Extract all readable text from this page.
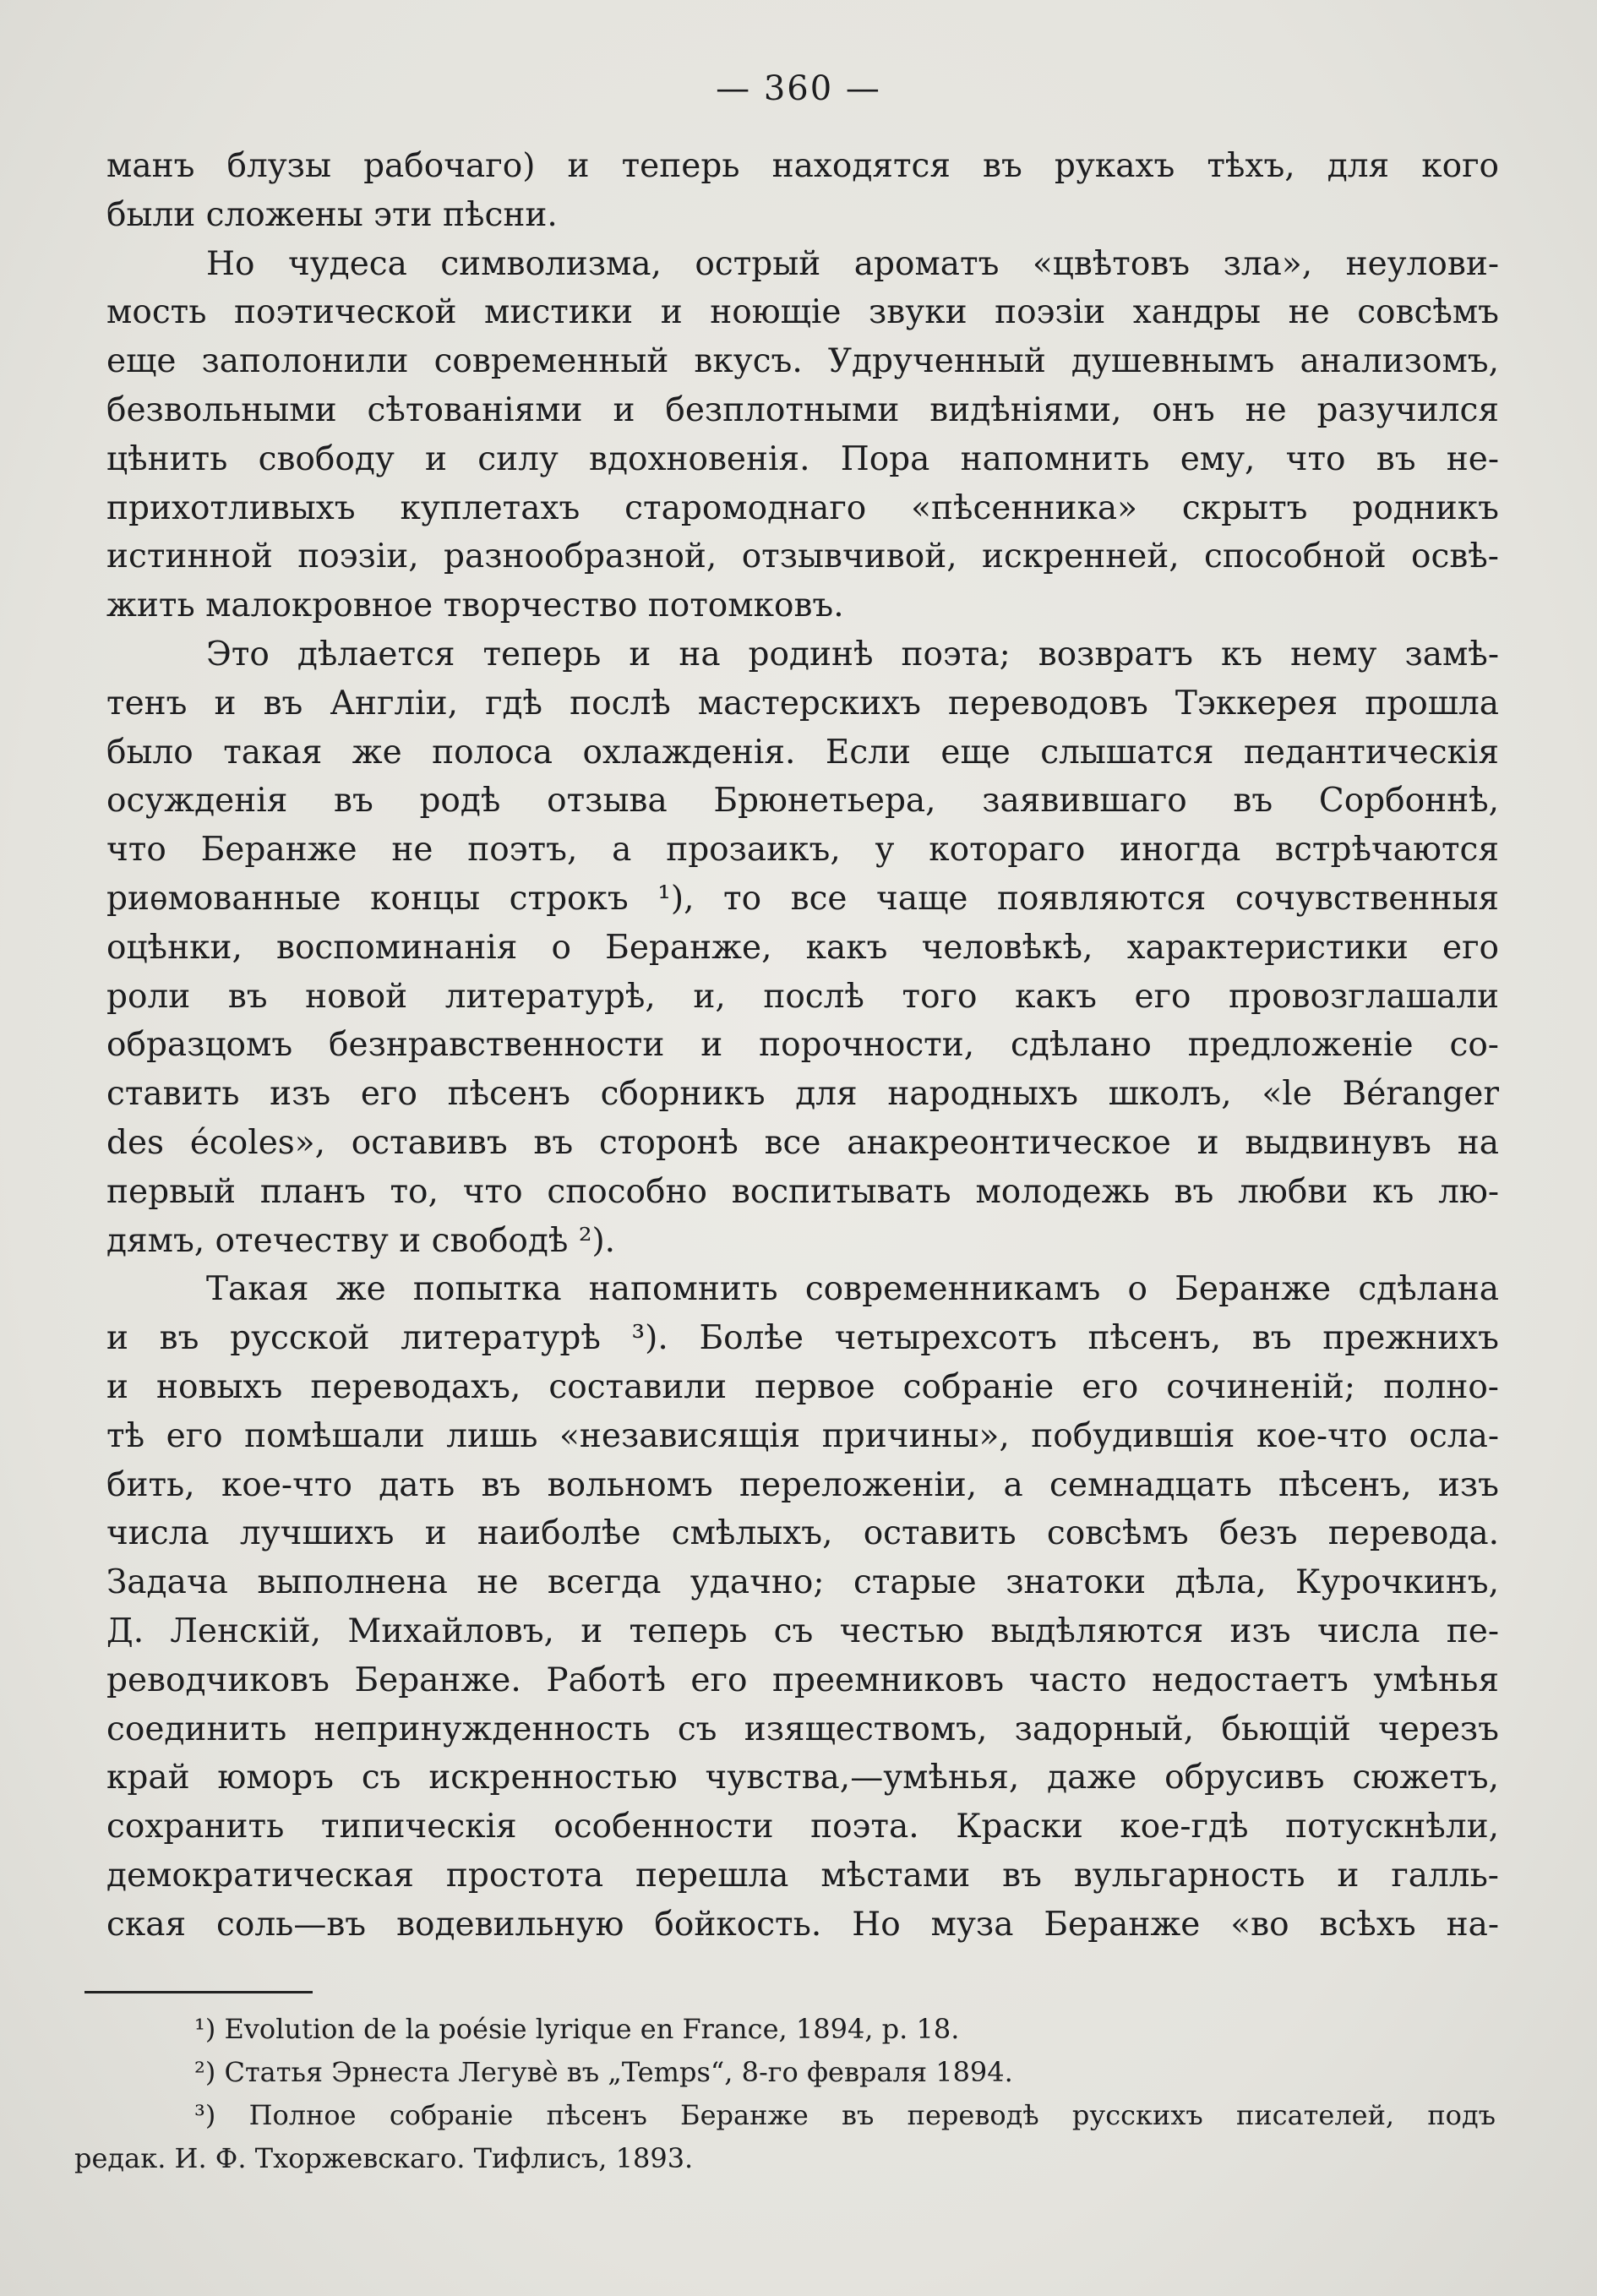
— 360 —
манъ блузы рабочаго) и теперь находятся въ рукахъ тѣхъ, для кого
были сложены эти пѣсни.
Но чудеса символизма, острый ароматъ «цвѣтовъ зла», неулови-
мость поэтической мистики и ноющіе звуки поэзіи хандры не совсѣмъ
еще заполонили современный вкусъ. Удрученный душевнымъ анализомъ,
безвольными сѣтованіями и безплотными видѣніями, онъ не разучился
цѣнить свободу и силу вдохновенія. Пора напомнить ему, что въ не-
прихотливыхъ куплетахъ старомоднаго «пѣсенника» скрытъ родникъ
истинной поэзіи, разнообразной, отзывчивой, искренней, способной освѣ-
жить малокровное творчество потомковъ.
Это дѣлается теперь и на родинѣ поэта; возвратъ къ нему замѣ-
тенъ и въ Англіи, гдѣ послѣ мастерскихъ переводовъ Тэккерея прошла
было такая же полоса охлажденія. Если еще слышатся педантическія
осужденія въ родѣ отзыва Брюнетьера, заявившаго въ Сорбоннѣ,
что Беранже не поэтъ, а прозаикъ, у котораго иногда встрѣчаются
риѳмованные концы строкъ ¹), то все чаще появляются сочувственныя
оцѣнки, воспоминанія о Беранже, какъ человѣкѣ, характеристики его
роли въ новой литературѣ, и, послѣ того какъ его провозглашали
образцомъ безнравственности и порочности, сдѣлано предложеніе со-
ставить изъ его пѣсенъ сборникъ для народныхъ школъ, «le Béranger
des écoles», оставивъ въ сторонѣ все анакреонтическое и выдвинувъ на
первый планъ то, что способно воспитывать молодежь въ любви къ лю-
дямъ, отечеству и свободѣ ²).
Такая же попытка напомнить современникамъ о Беранже сдѣлана
и въ русской литературѣ ³). Болѣе четырехсотъ пѣсенъ, въ прежнихъ
и новыхъ переводахъ, составили первое собраніе его сочиненій; полно-
тѣ его помѣшали лишь «независящія причины», побудившія кое-что осла-
бить, кое-что дать въ вольномъ переложеніи, а семнадцать пѣсенъ, изъ
числа лучшихъ и наиболѣе смѣлыхъ, оставить совсѣмъ безъ перевода.
Задача выполнена не всегда удачно; старые знатоки дѣла, Курочкинъ,
Д. Ленскій, Михайловъ, и теперь съ честью выдѣляются изъ числа пе-
реводчиковъ Беранже. Работѣ его преемниковъ часто недостаетъ умѣнья
соединить непринужденность съ изяществомъ, задорный, бьющій черезъ
край юморъ съ искренностью чувства,—умѣнья, даже обрусивъ сюжетъ,
сохранить типическія особенности поэта. Краски кое-гдѣ потускнѣли,
демократическая простота перешла мѣстами въ вульгарность и галль-
ская соль—въ водевильную бойкость. Но муза Беранже «во всѣхъ на-
¹) Evolution de la poésie lyrique en France, 1894, p. 18.
²) Статья Эрнеста Легувѐ въ „Temps“, 8-го февраля 1894.
³) Полное собраніе пѣсенъ Беранже въ переводѣ русскихъ писателей, подъ
редак. И. Ф. Тхоржевскаго. Тифлисъ, 1893.
